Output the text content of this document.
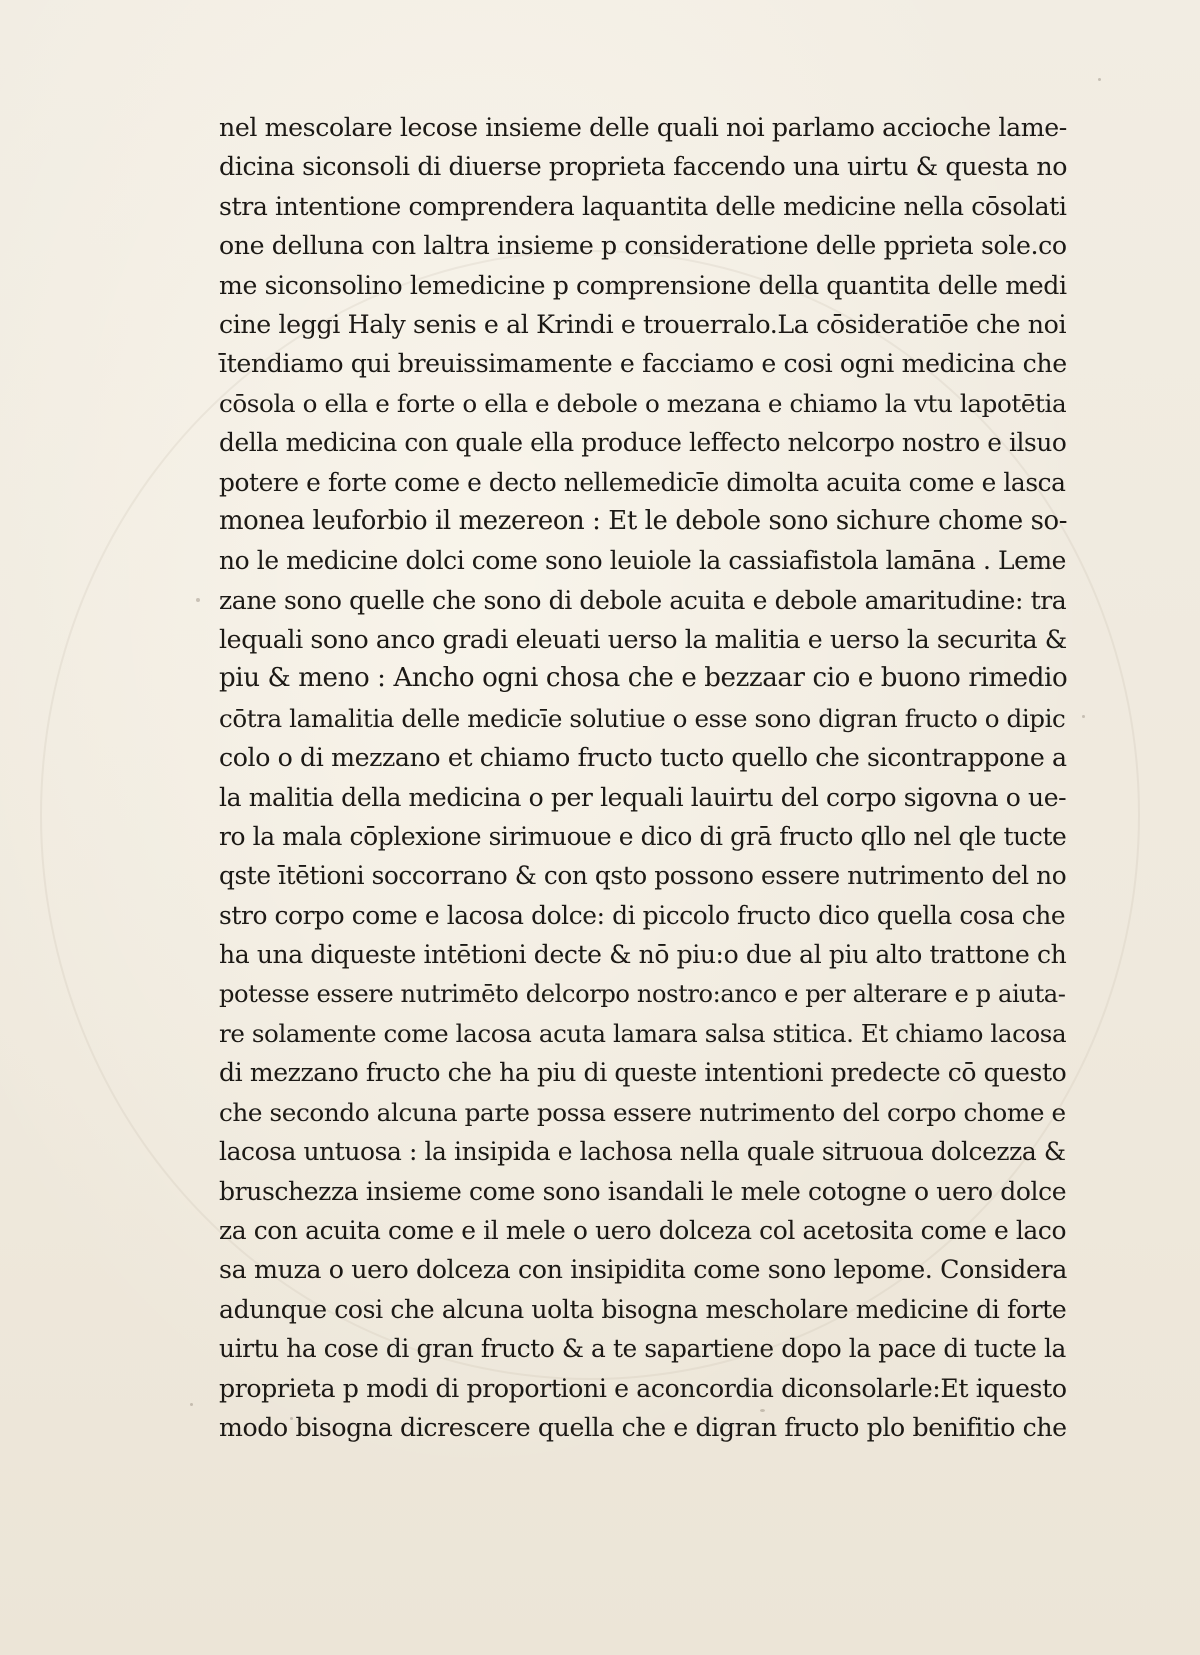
nel mescolare lecose insieme delle quali noi parlamo accioche lame-
dicina siconsoli di diuerse proprieta faccendo una uirtu & questa no
stra intentione comprendera laquantita delle medicine nella cōsolati
one delluna con laltra insieme p consideratione delle pprieta sole.co
me siconsolino lemedicine p comprensione della quantita delle medi
cine leggi Haly senis e al Krindi e trouerralo.La cōsideratiōe che noi
ītendiamo qui breuissimamente e facciamo e cosi ogni medicina che
cōsola o ella e forte o ella e debole o mezana e chiamo la vtu lapotētia
della medicina con quale ella produce leffecto nelcorpo nostro e ilsuo
potere e forte come e decto nellemedicīe dimolta acuita come e lasca
monea leuforbio il mezereon : Et le debole sono sichure chome so-
no le medicine dolci come sono leuiole la cassiafistola lamāna . Leme
zane sono quelle che sono di debole acuita e debole amaritudine: tra
lequali sono anco gradi eleuati uerso la malitia e uerso la securita &
piu & meno : Ancho ogni chosa che e bezzaar cio e buono rimedio
cōtra lamalitia delle medicīe solutiue o esse sono digran fructo o dipic
colo o di mezzano et chiamo fructo tucto quello che sicontrappone a
la malitia della medicina o per lequali lauirtu del corpo sigovna o ue-
ro la mala cōplexione sirimuoue e dico di grā fructo qllo nel qle tucte
qste ītētioni soccorrano & con qsto possono essere nutrimento del no
stro corpo come e lacosa dolce: di piccolo fructo dico quella cosa che
ha una diqueste intētioni decte & nō piu:o due al piu alto trattone ch
potesse essere nutrimēto delcorpo nostro:anco e per alterare e p aiuta-
re solamente come lacosa acuta lamara salsa stitica. Et chiamo lacosa
di mezzano fructo che ha piu di queste intentioni predecte cō questo
che secondo alcuna parte possa essere nutrimento del corpo chome e
lacosa untuosa : la insipida e lachosa nella quale sitruoua dolcezza &
bruschezza insieme come sono isandali le mele cotogne o uero dolce
za con acuita come e il mele o uero dolceza col acetosita come e laco
sa muza o uero dolceza con insipidita come sono lepome. Considera
adunque cosi che alcuna uolta bisogna mescholare medicine di forte
uirtu ha cose di gran fructo & a te sapartiene dopo la pace di tucte la
proprieta p modi di proportioni e aconcordia diconsolarle:Et iquesto
modo bisogna dicrescere quella che e digran fructo plo benifitio che
